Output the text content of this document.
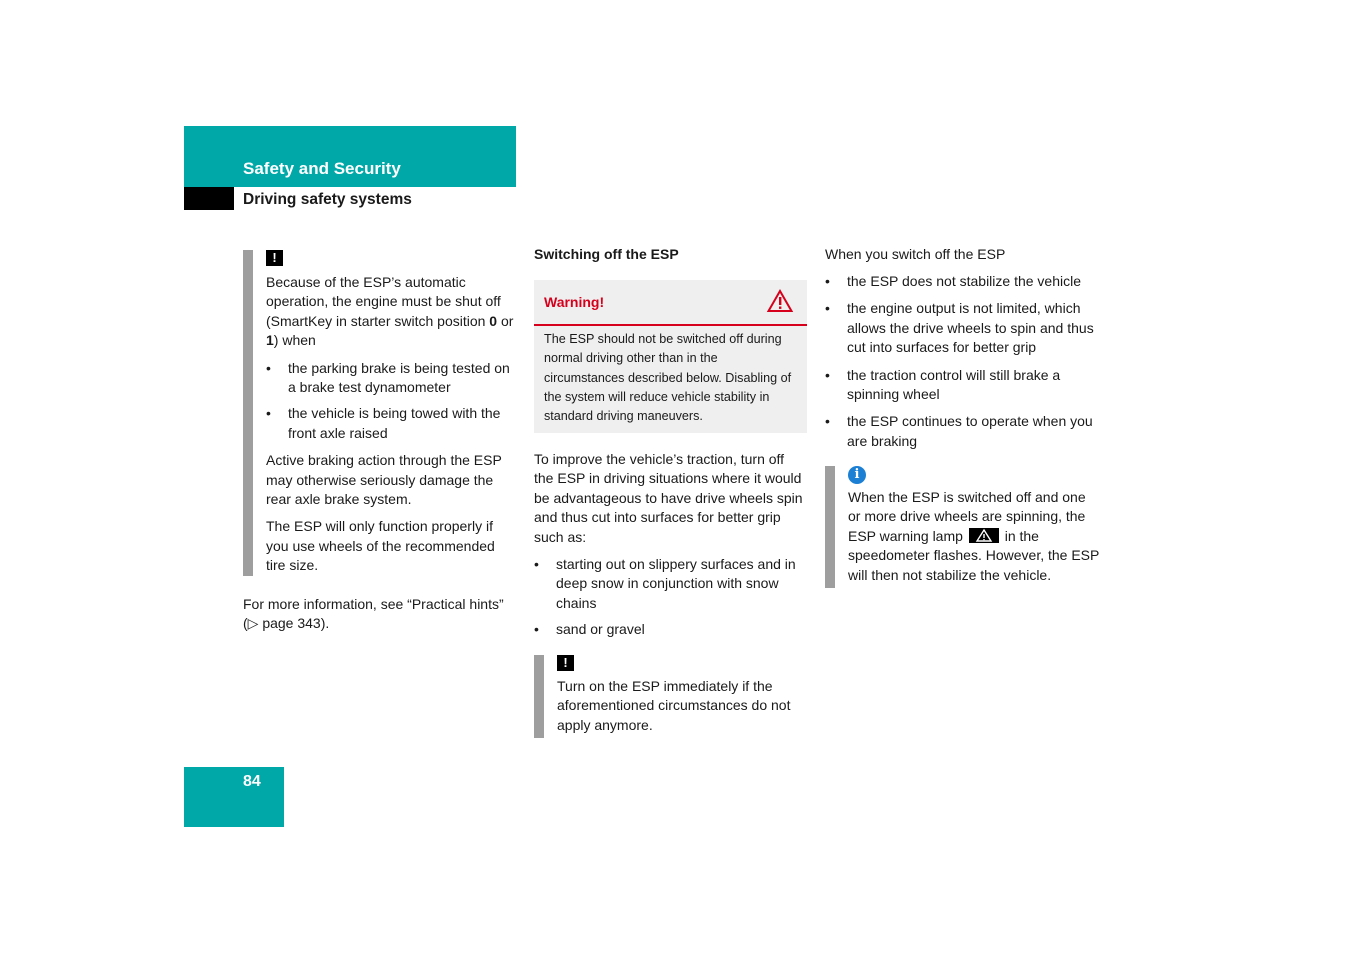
Safety and Security
Driving safety systems
!

Because of the ESP’s automatic operation, the engine must be shut off (SmartKey in starter switch position 0 or 1) when

• the parking brake is being tested on a brake test dynamometer
• the vehicle is being towed with the front axle raised

Active braking action through the ESP may otherwise seriously damage the rear axle brake system.

The ESP will only function properly if you use wheels of the recommended tire size.

For more information, see “Practical hints” (▷ page 343).

Switching off the ESP

Warning!
The ESP should not be switched off during normal driving other than in the circumstances described below. Disabling of the system will reduce vehicle stability in standard driving maneuvers.

To improve the vehicle’s traction, turn off the ESP in driving situations where it would be advantageous to have drive wheels spin and thus cut into surfaces for better grip such as:

• starting out on slippery surfaces and in deep snow in conjunction with snow chains
• sand or gravel
!

Turn on the ESP immediately if the aforementioned circumstances do not apply anymore.

When you switch off the ESP

• the ESP does not stabilize the vehicle
• the engine output is not limited, which allows the drive wheels to spin and thus cut into surfaces for better grip
• the traction control will still brake a spinning wheel
• the ESP continues to operate when you are braking
i

When the ESP is switched off and one or more drive wheels are spinning, the ESP warning lamp
in the speedometer flashes. However, the ESP will then not stabilize the vehicle.

84
